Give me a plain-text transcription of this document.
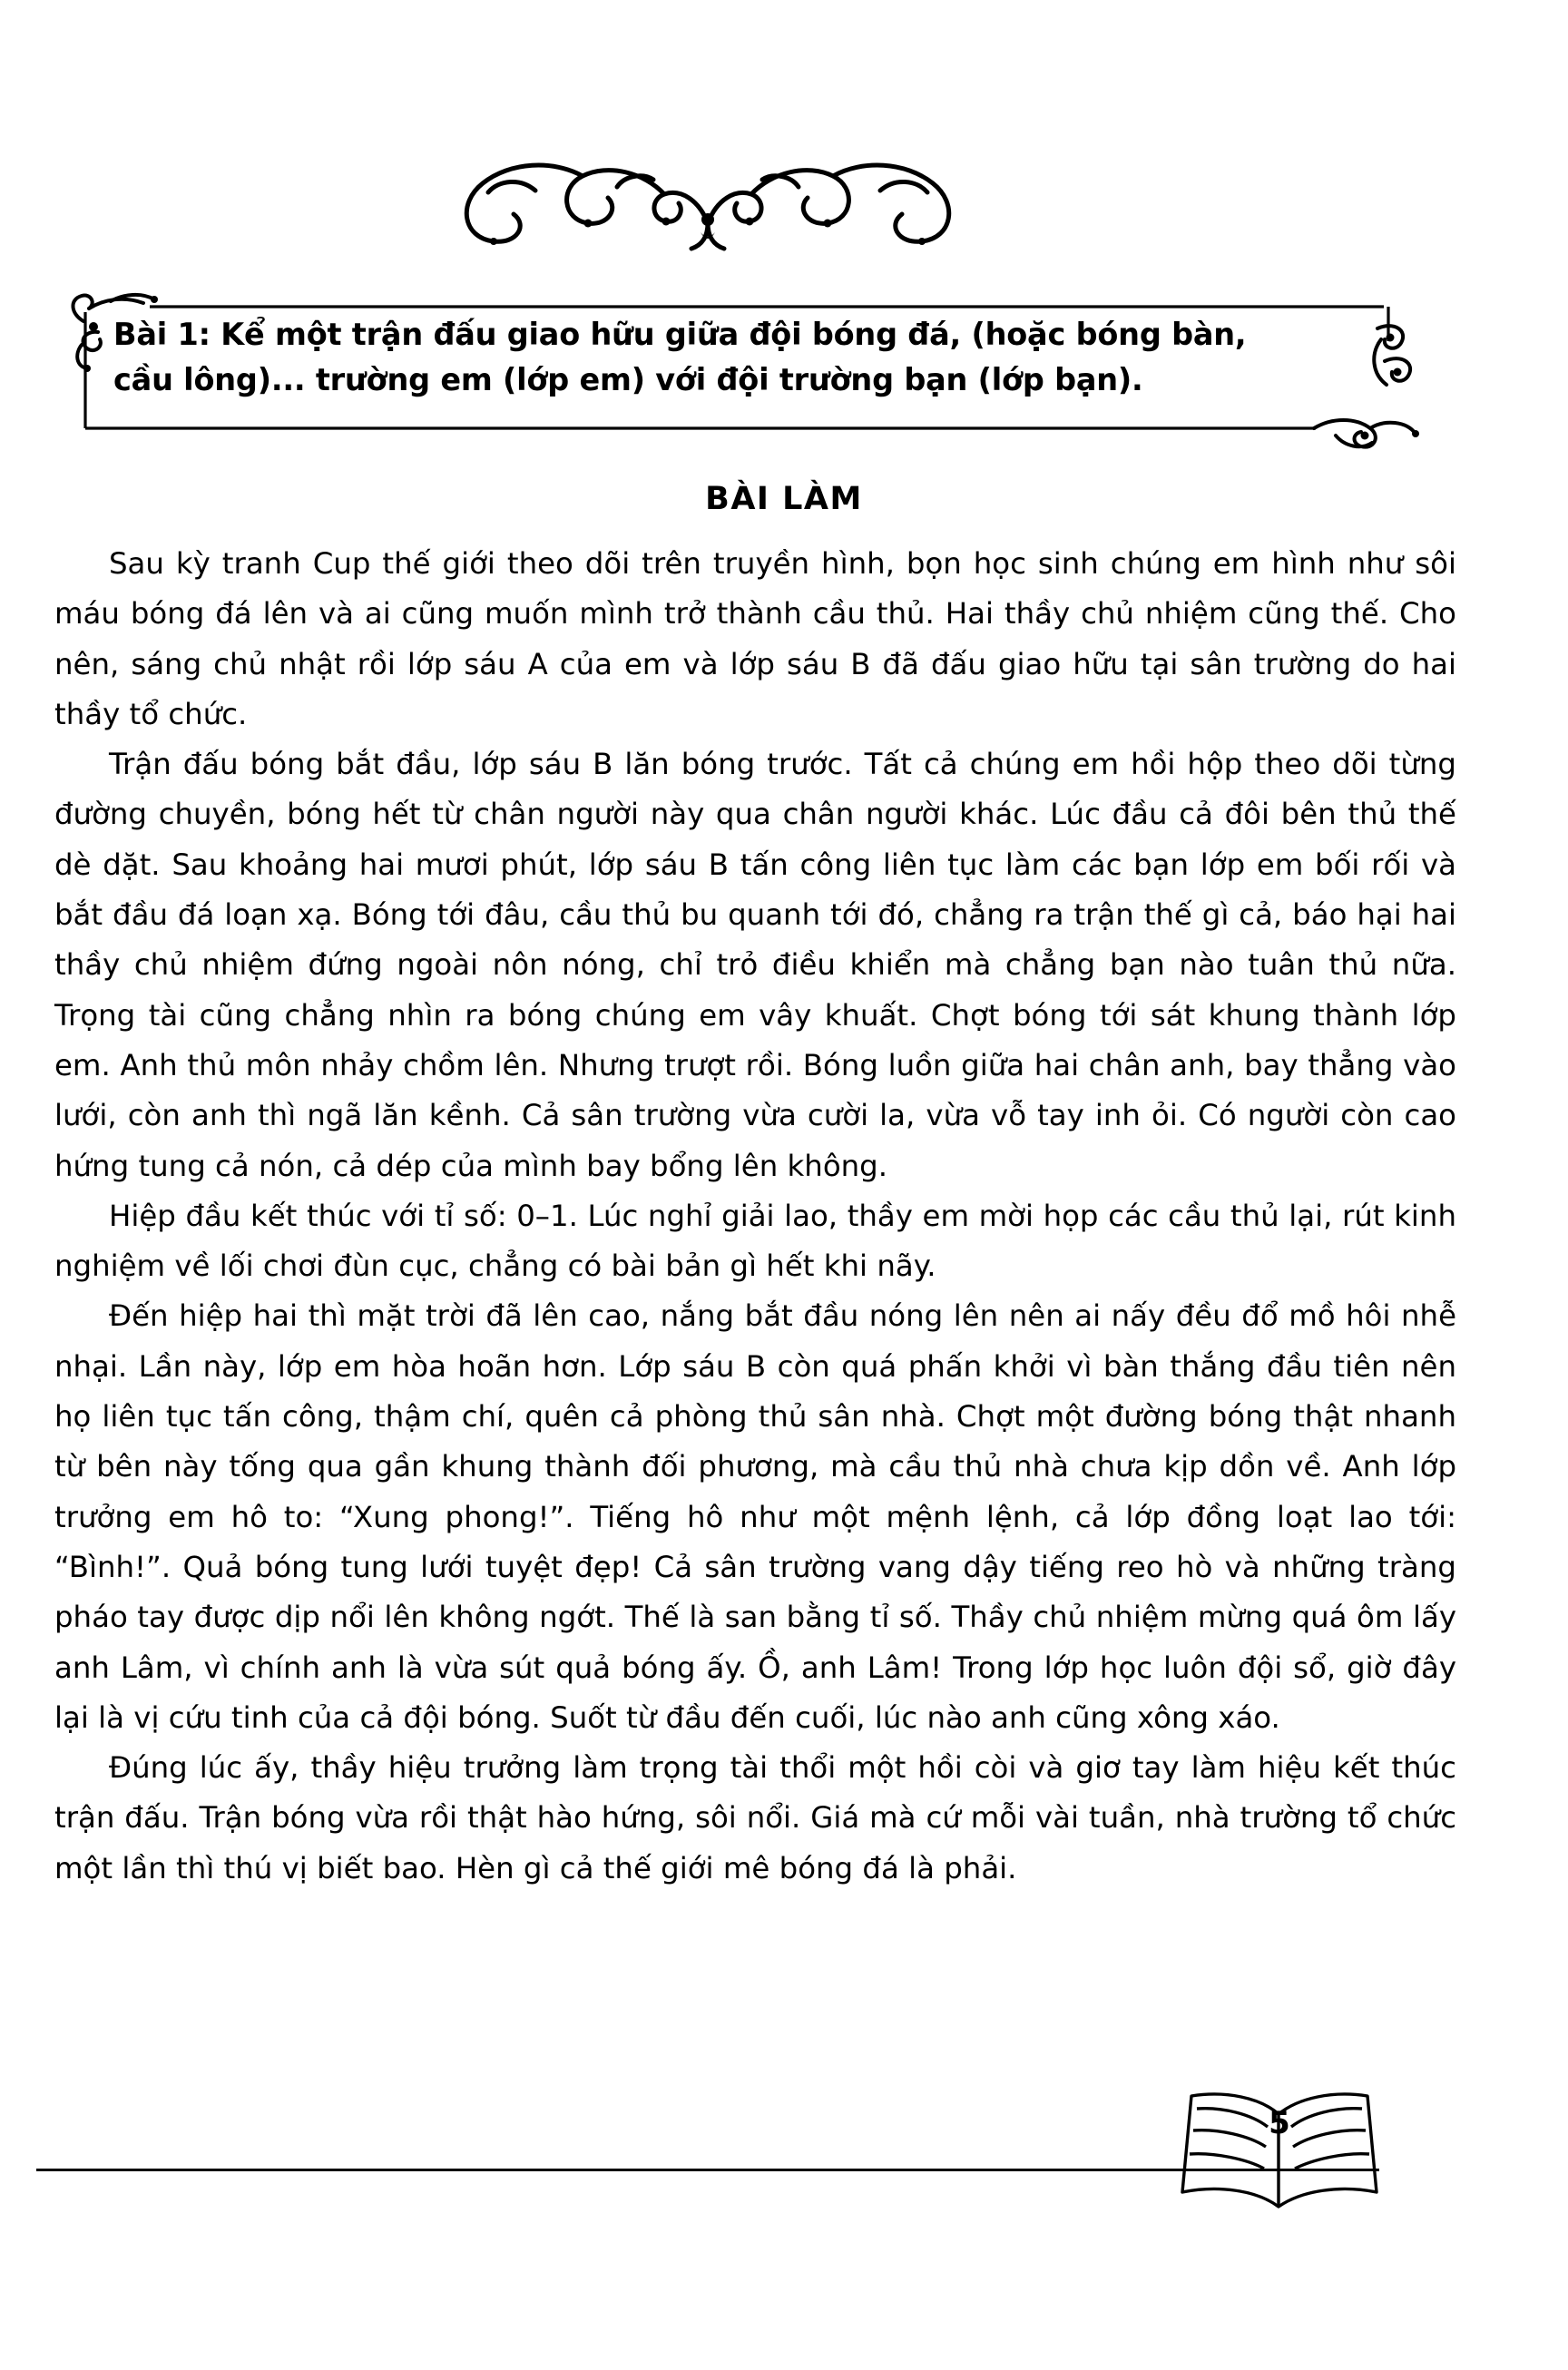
Bài 1: Kể một trận đấu giao hữu giữa đội bóng đá, (hoặc bóng bàn,
cầu lông)... trường em (lớp em) với đội trường bạn (lớp bạn).
BÀI LÀM

Sau kỳ tranh Cup thế giới theo dõi trên truyền hình, bọn học sinh chúng em hình như sôi máu bóng đá lên và ai cũng muốn mình trở thành cầu thủ. Hai thầy chủ nhiệm cũng thế. Cho nên, sáng chủ nhật rồi lớp sáu A của em và lớp sáu B đã đấu giao hữu tại sân trường do hai thầy tổ chức.

Trận đấu bóng bắt đầu, lớp sáu B lăn bóng trước. Tất cả chúng em hồi hộp theo dõi từng đường chuyền, bóng hết từ chân người này qua chân người khác. Lúc đầu cả đôi bên thủ thế dè dặt. Sau khoảng hai mươi phút, lớp sáu B tấn công liên tục làm các bạn lớp em bối rối và bắt đầu đá loạn xạ. Bóng tới đâu, cầu thủ bu quanh tới đó, chẳng ra trận thế gì cả, báo hại hai thầy chủ nhiệm đứng ngoài nôn nóng, chỉ trỏ điều khiển mà chẳng bạn nào tuân thủ nữa. Trọng tài cũng chẳng nhìn ra bóng chúng em vây khuất. Chợt bóng tới sát khung thành lớp em. Anh thủ môn nhảy chồm lên. Nhưng trượt rồi. Bóng luồn giữa hai chân anh, bay thẳng vào lưới, còn anh thì ngã lăn kềnh. Cả sân trường vừa cười la, vừa vỗ tay inh ỏi. Có người còn cao hứng tung cả nón, cả dép của mình bay bổng lên không.

Hiệp đầu kết thúc với tỉ số: 0–1. Lúc nghỉ giải lao, thầy em mời họp các cầu thủ lại, rút kinh nghiệm về lối chơi đùn cục, chẳng có bài bản gì hết khi nãy.

Đến hiệp hai thì mặt trời đã lên cao, nắng bắt đầu nóng lên nên ai nấy đều đổ mồ hôi nhễ nhại. Lần này, lớp em hòa hoãn hơn. Lớp sáu B còn quá phấn khởi vì bàn thắng đầu tiên nên họ liên tục tấn công, thậm chí, quên cả phòng thủ sân nhà. Chợt một đường bóng thật nhanh từ bên này tống qua gần khung thành đối phương, mà cầu thủ nhà chưa kịp dồn về. Anh lớp trưởng em hô to: “Xung phong!”. Tiếng hô như một mệnh lệnh, cả lớp đồng loạt lao tới: “Bình!”. Quả bóng tung lưới tuyệt đẹp! Cả sân trường vang dậy tiếng reo hò và những tràng pháo tay được dịp nổi lên không ngớt. Thế là san bằng tỉ số. Thầy chủ nhiệm mừng quá ôm lấy anh Lâm, vì chính anh là vừa sút quả bóng ấy. Ồ, anh Lâm! Trong lớp học luôn đội sổ, giờ đây lại là vị cứu tinh của cả đội bóng. Suốt từ đầu đến cuối, lúc nào anh cũng xông xáo.

Đúng lúc ấy, thầy hiệu trưởng làm trọng tài thổi một hồi còi và giơ tay làm hiệu kết thúc trận đấu. Trận bóng vừa rồi thật hào hứng, sôi nổi. Giá mà cứ mỗi vài tuần, nhà trường tổ chức một lần thì thú vị biết bao. Hèn gì cả thế giới mê bóng đá là phải.

5
